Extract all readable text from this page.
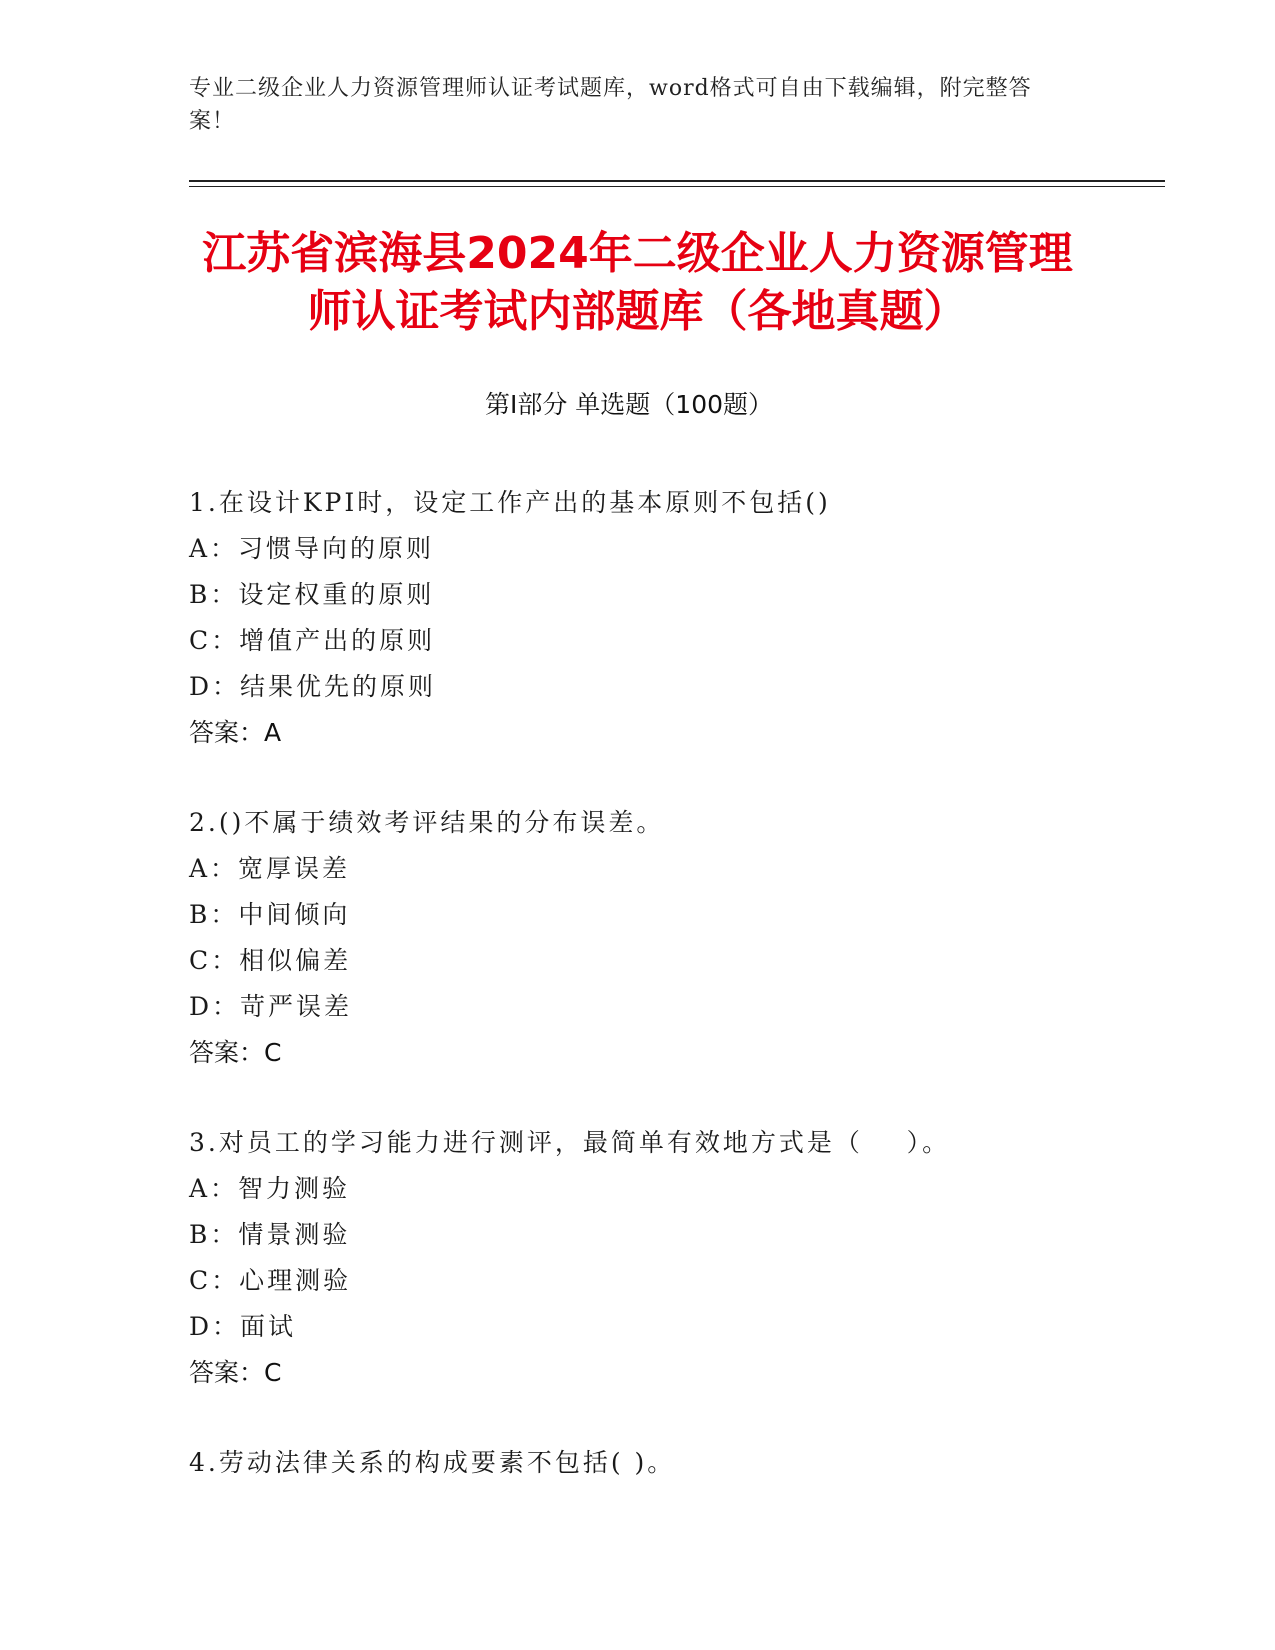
专业二级企业人力资源管理师认证考试题库，word格式可自由下载编辑，附完整答案！
江苏省滨海县2024年二级企业人力资源管理
师认证考试内部题库（各地真题）
第Ⅰ部分 单选题（100题）
1.在设计KPI时，设定工作产出的基本原则不包括()
A：习惯导向的原则
B：设定权重的原则
C：增值产出的原则
D：结果优先的原则
答案：A
2.()不属于绩效考评结果的分布误差。
A：宽厚误差
B：中间倾向
C：相似偏差
D：苛严误差
答案：C
3.对员工的学习能力进行测评，最简单有效地方式是（    ）。
A：智力测验
B：情景测验
C：心理测验
D：面试
答案：C
4.劳动法律关系的构成要素不包括( )。
